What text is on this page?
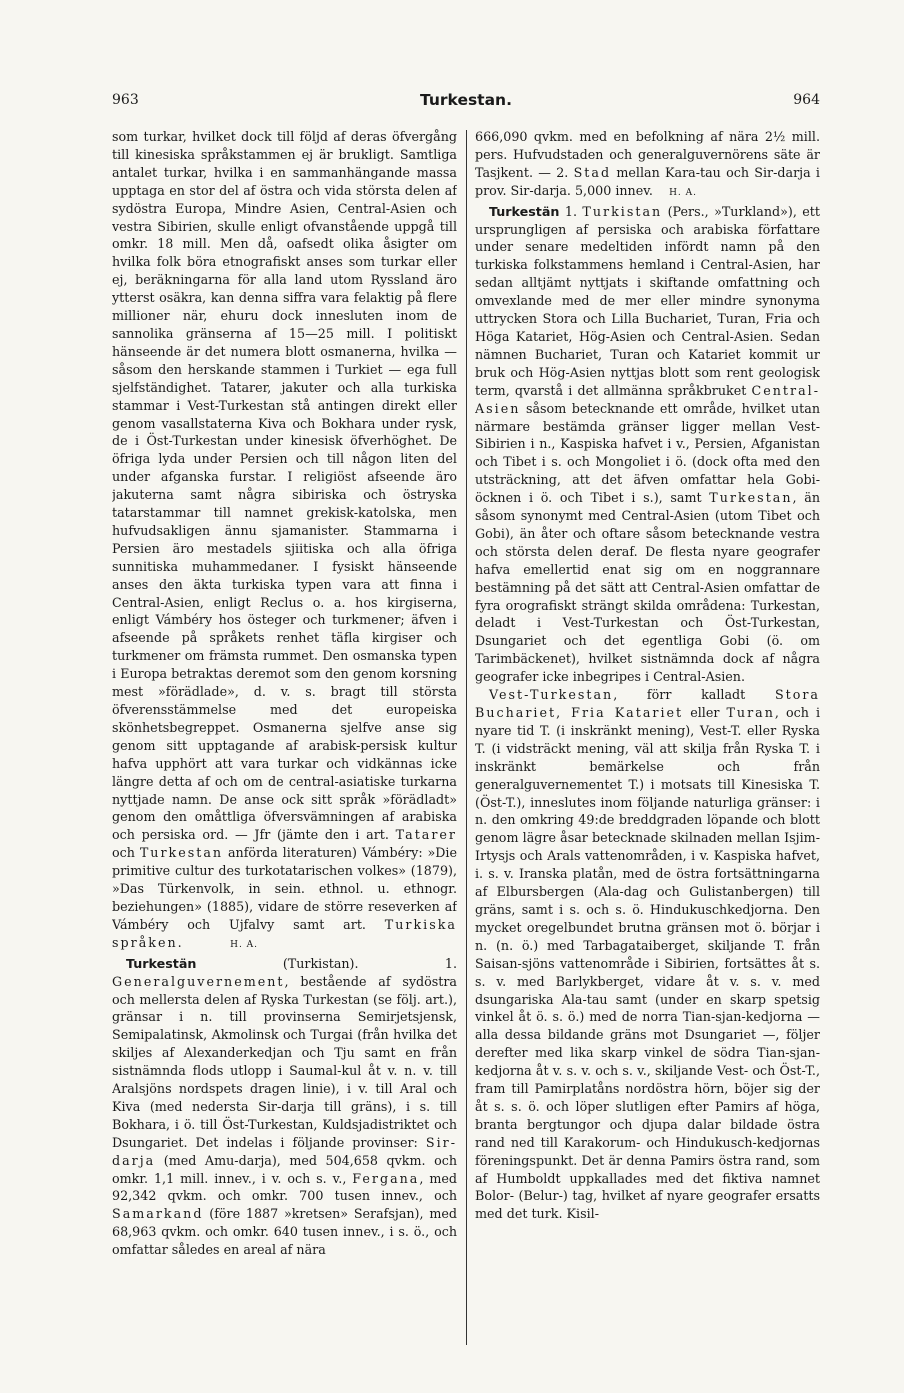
963	Turkestan.	964

som turkar, hvilket dock till följd af deras öfvergång till kinesiska språkstammen ej är brukligt. Samtliga antalet turkar, hvilka i en sammanhängande massa upptaga en stor del af östra och vida största delen af sydöstra Europa, Mindre Asien, Central-Asien och vestra Sibirien, skulle enligt ofvanstående uppgå till omkr. 18 mill. Men då, oafsedt olika åsigter om hvilka folk böra etnografiskt anses som turkar eller ej, beräkningarna för alla land utom Ryssland äro ytterst osäkra, kan denna siffra vara felaktig på flere millioner när, ehuru dock innesluten inom de sannolika gränserna af 15—25 mill. I politiskt hänseende är det numera blott osmanerna, hvilka — såsom den herskande stammen i Turkiet — ega full sjelfständighet. Tatarer, jakuter och alla turkiska stammar i Vest-Turkestan stå antingen direkt eller genom vasallstaterna Kiva och Bokhara under rysk, de i Öst-Turkestan under kinesisk öfverhöghet. De öfriga lyda under Persien och till någon liten del under afganska furstar. I religiöst afseende äro jakuterna samt några sibiriska och östryska tatarstammar till namnet grekisk-katolska, men hufvudsakligen ännu sjamanister. Stammarna i Persien äro mestadels sjiitiska och alla öfriga sunnitiska muhammedaner. I fysiskt hänseende anses den äkta turkiska typen vara att finna i Central-Asien, enligt Reclus o. a. hos kirgiserna, enligt Vámbéry hos östeger och turkmener; äfven i afseende på språkets renhet täfla kirgiser och turkmener om främsta rummet. Den osmanska typen i Europa betraktas deremot som den genom korsning mest »förädlade», d. v. s. bragt till största öfverensstämmelse med det europeiska skönhetsbegreppet. Osmanerna sjelfve anse sig genom sitt upptagande af arabisk-persisk kultur hafva upphört att vara turkar och vidkännas icke längre detta af och om de central-asiatiske turkarna nyttjade namn. De anse ock sitt språk »förädladt» genom den omåttliga öfversvämningen af arabiska och persiska ord. — Jfr (jämte den i art. Tatarer och Turkestan anförda literaturen) Vámbéry: »Die primitive cultur des turkotatarischen volkes» (1879), »Das Türkenvolk, in sein. ethnol. u. ethnogr. beziehungen» (1885), vidare de större reseverken af Vámbéry och Ujfalvy samt art. Turkiska språken.	H. A.

Turkestän (Turkistan). 1. Generalguvernement, bestående af sydöstra och mellersta delen af Ryska Turkestan (se följ. art.), gränsar i n. till provinserna Semirjetsjensk, Semipalatinsk, Akmolinsk och Turgai (från hvilka det skiljes af Alexanderkedjan och Tju samt en från sistnämnda flods utlopp i Saumal-kul åt v. n. v. till Aralsjöns nordspets dragen linie), i v. till Aral och Kiva (med nedersta Sir-darja till gräns), i s. till Bokhara, i ö. till Öst-Turkestan, Kuldsjadistriktet och Dsungariet. Det indelas i följande provinser: Sir-darja (med Amu-darja), med 504,658 qvkm. och omkr. 1,1 mill. innev., i v. och s. v., Fergana, med 92,342 qvkm. och omkr. 700 tusen innev., och Samarkand (före 1887 »kretsen» Serafsjan), med 68,963 qvkm. och omkr. 640 tusen innev., i s. ö., och omfattar således en areal af nära

666,090 qvkm. med en befolkning af nära 2½ mill. pers. Hufvudstaden och generalguvernörens säte är Tasjkent. — 2. Stad mellan Kara-tau och Sir-darja i prov. Sir-darja. 5,000 innev. H. A.

Turkestän 1. Turkistan (Pers., »Turkland»), ett ursprungligen af persiska och arabiska författare under senare medeltiden infördt namn på den turkiska folkstammens hemland i Central-Asien, har sedan alltjämt nyttjats i skiftande omfattning och omvexlande med de mer eller mindre synonyma uttrycken Stora och Lilla Buchariet, Turan, Fria och Höga Katariet, Hög-Asien och Central-Asien. Sedan nämnen Buchariet, Turan och Katariet kommit ur bruk och Hög-Asien nyttjas blott som rent geologisk term, qvarstå i det allmänna språkbruket Central-Asien såsom betecknande ett område, hvilket utan närmare bestämda gränser ligger mellan Vest-Sibirien i n., Kaspiska hafvet i v., Persien, Afganistan och Tibet i s. och Mongoliet i ö. (dock ofta med den utsträckning, att det äfven omfattar hela Gobi-öcknen i ö. och Tibet i s.), samt Turkestan, än såsom synonymt med Central-Asien (utom Tibet och Gobi), än åter och oftare såsom betecknande vestra och största delen deraf. De flesta nyare geografer hafva emellertid enat sig om en noggrannare bestämning på det sätt att Central-Asien omfattar de fyra orografiskt strängt skilda områdena: Turkestan, deladt i Vest-Turkestan och Öst-Turkestan, Dsungariet och det egentliga Gobi (ö. om Tarimbäckenet), hvilket sistnämnda dock af några geografer icke inbegripes i Central-Asien.

Vest-Turkestan, förr kalladt Stora Buchariet, Fria Katariet eller Turan, och i nyare tid T. (i inskränkt mening), Vest-T. eller Ryska T. (i vidsträckt mening, väl att skilja från Ryska T. i inskränkt bemärkelse och från generalguvernementet T.) i motsats till Kinesiska T. (Öst-T.), inneslutes inom följande naturliga gränser: i n. den omkring 49:de breddgraden löpande och blott genom lägre åsar betecknade skilnaden mellan Isjim-Irtysjs och Arals vattenområden, i v. Kaspiska hafvet, i. s. v. Iranska platån, med de östra fortsättningarna af Elbursbergen (Ala-dag och Gulistanbergen) till gräns, samt i s. och s. ö. Hindukuschkedjorna. Den mycket oregelbundet brutna gränsen mot ö. börjar i n. (n. ö.) med Tarbagataiberget, skiljande T. från Saisan-sjöns vattenområde i Sibirien, fortsättes åt s. s. v. med Barlykberget, vidare åt v. s. v. med dsungariska Ala-tau samt (under en skarp spetsig vinkel åt ö. s. ö.) med de norra Tian-sjan-kedjorna — alla dessa bildande gräns mot Dsungariet —, följer derefter med lika skarp vinkel de södra Tian-sjan-kedjorna åt v. s. v. och s. v., skiljande Vest- och Öst-T., fram till Pamirplatåns nordöstra hörn, böjer sig der åt s. s. ö. och löper slutligen efter Pamirs af höga, branta bergtungor och djupa dalar bildade östra rand ned till Karakorum- och Hindukusch-kedjornas föreningspunkt. Det är denna Pamirs östra rand, som af Humboldt uppkallades med det fiktiva namnet Bolor- (Belur-) tag, hvilket af nyare geografer ersatts med det turk. Kisil-
